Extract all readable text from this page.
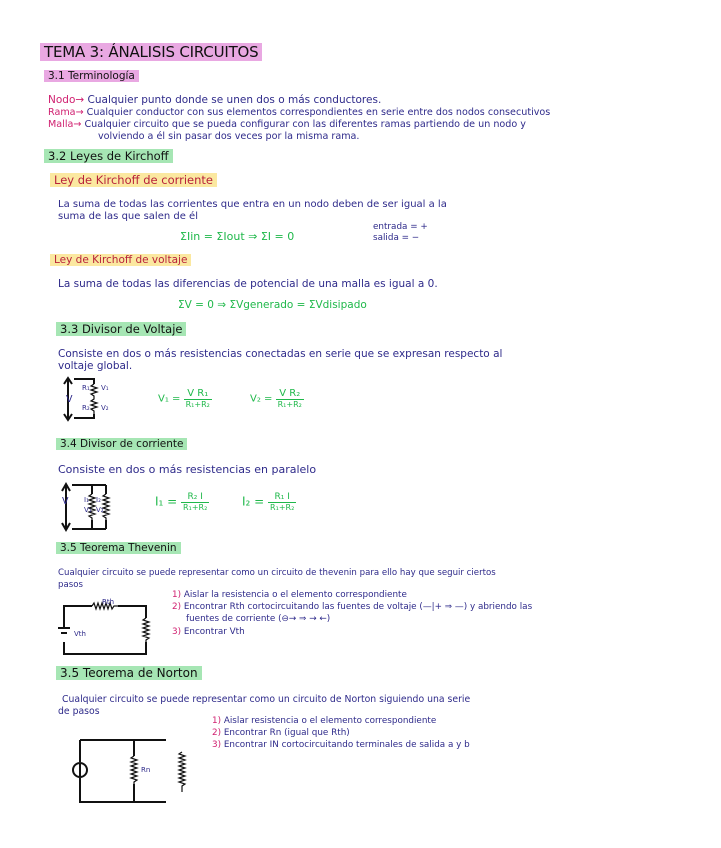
TEMA 3: ÁNALISIS CIRCUITOS
3.1 Terminología
Nodo→ Cualquier punto donde se unen dos o más conductores.
Rama→ Cualquier conductor con sus elementos correspondientes en serie entre dos nodos consecutivos
Malla→ Cualquier circuito que se pueda configurar con las diferentes ramas partiendo de un nodo y
volviendo a él sin pasar dos veces por la misma rama.
3.2 Leyes de Kirchoff
Ley de Kirchoff de corriente
La suma de todas las corrientes que entra en un nodo deben de ser igual a la
suma de las que salen de él
ΣIin = ΣIout ⇒ ΣI = 0
entrada = +
salida = −
Ley de Kirchoff de voltaje
La suma de todas las diferencias de potencial de una malla es igual a 0.
ΣV = 0 ⇒ ΣVgenerado = ΣVdisipado
3.3 Divisor de Voltaje
Consiste en dos o más resistencias conectadas en serie que se expresan respecto al
voltaje global.
V
R₁ V₁
R₂ V₂
$V_1 = \frac{\text{V R₁}}{\text{R₁+R₂}}$	$V_2 = \frac{\text{V R₂}}{\text{R₁+R₂}}$
3.4 Divisor de corriente
Consiste en dos o más resistencias en paralelo
V I₁
V₁
I₂
V₂
$I_1 = \frac{\text{R₂ I}}{\text{R₁+R₂}}$	$I_2 = \frac{\text{R₁ I}}{\text{R₁+R₂}}$
3.5 Teorema Thevenin
Cualquier circuito se puede representar como un circuito de thevenin para ello hay que seguir ciertos
pasos
Rth
Vth
1) Aislar la resistencia o el elemento correspondiente
2) Encontrar Rth cortocircuitando las fuentes de voltaje (—|+ ⇒ —) y abriendo las
fuentes de corriente (⊖→ ⇒ → ←)
3) Encontrar Vth
3.5 Teorema de Norton
Cualquier circuito se puede representar como un circuito de Norton siguiendo una serie
de pasos
1) Aislar resistencia o el elemento correspondiente
2) Encontrar Rn (igual que Rth)
3) Encontrar IN cortocircuitando terminales de salida a y b
Rn
